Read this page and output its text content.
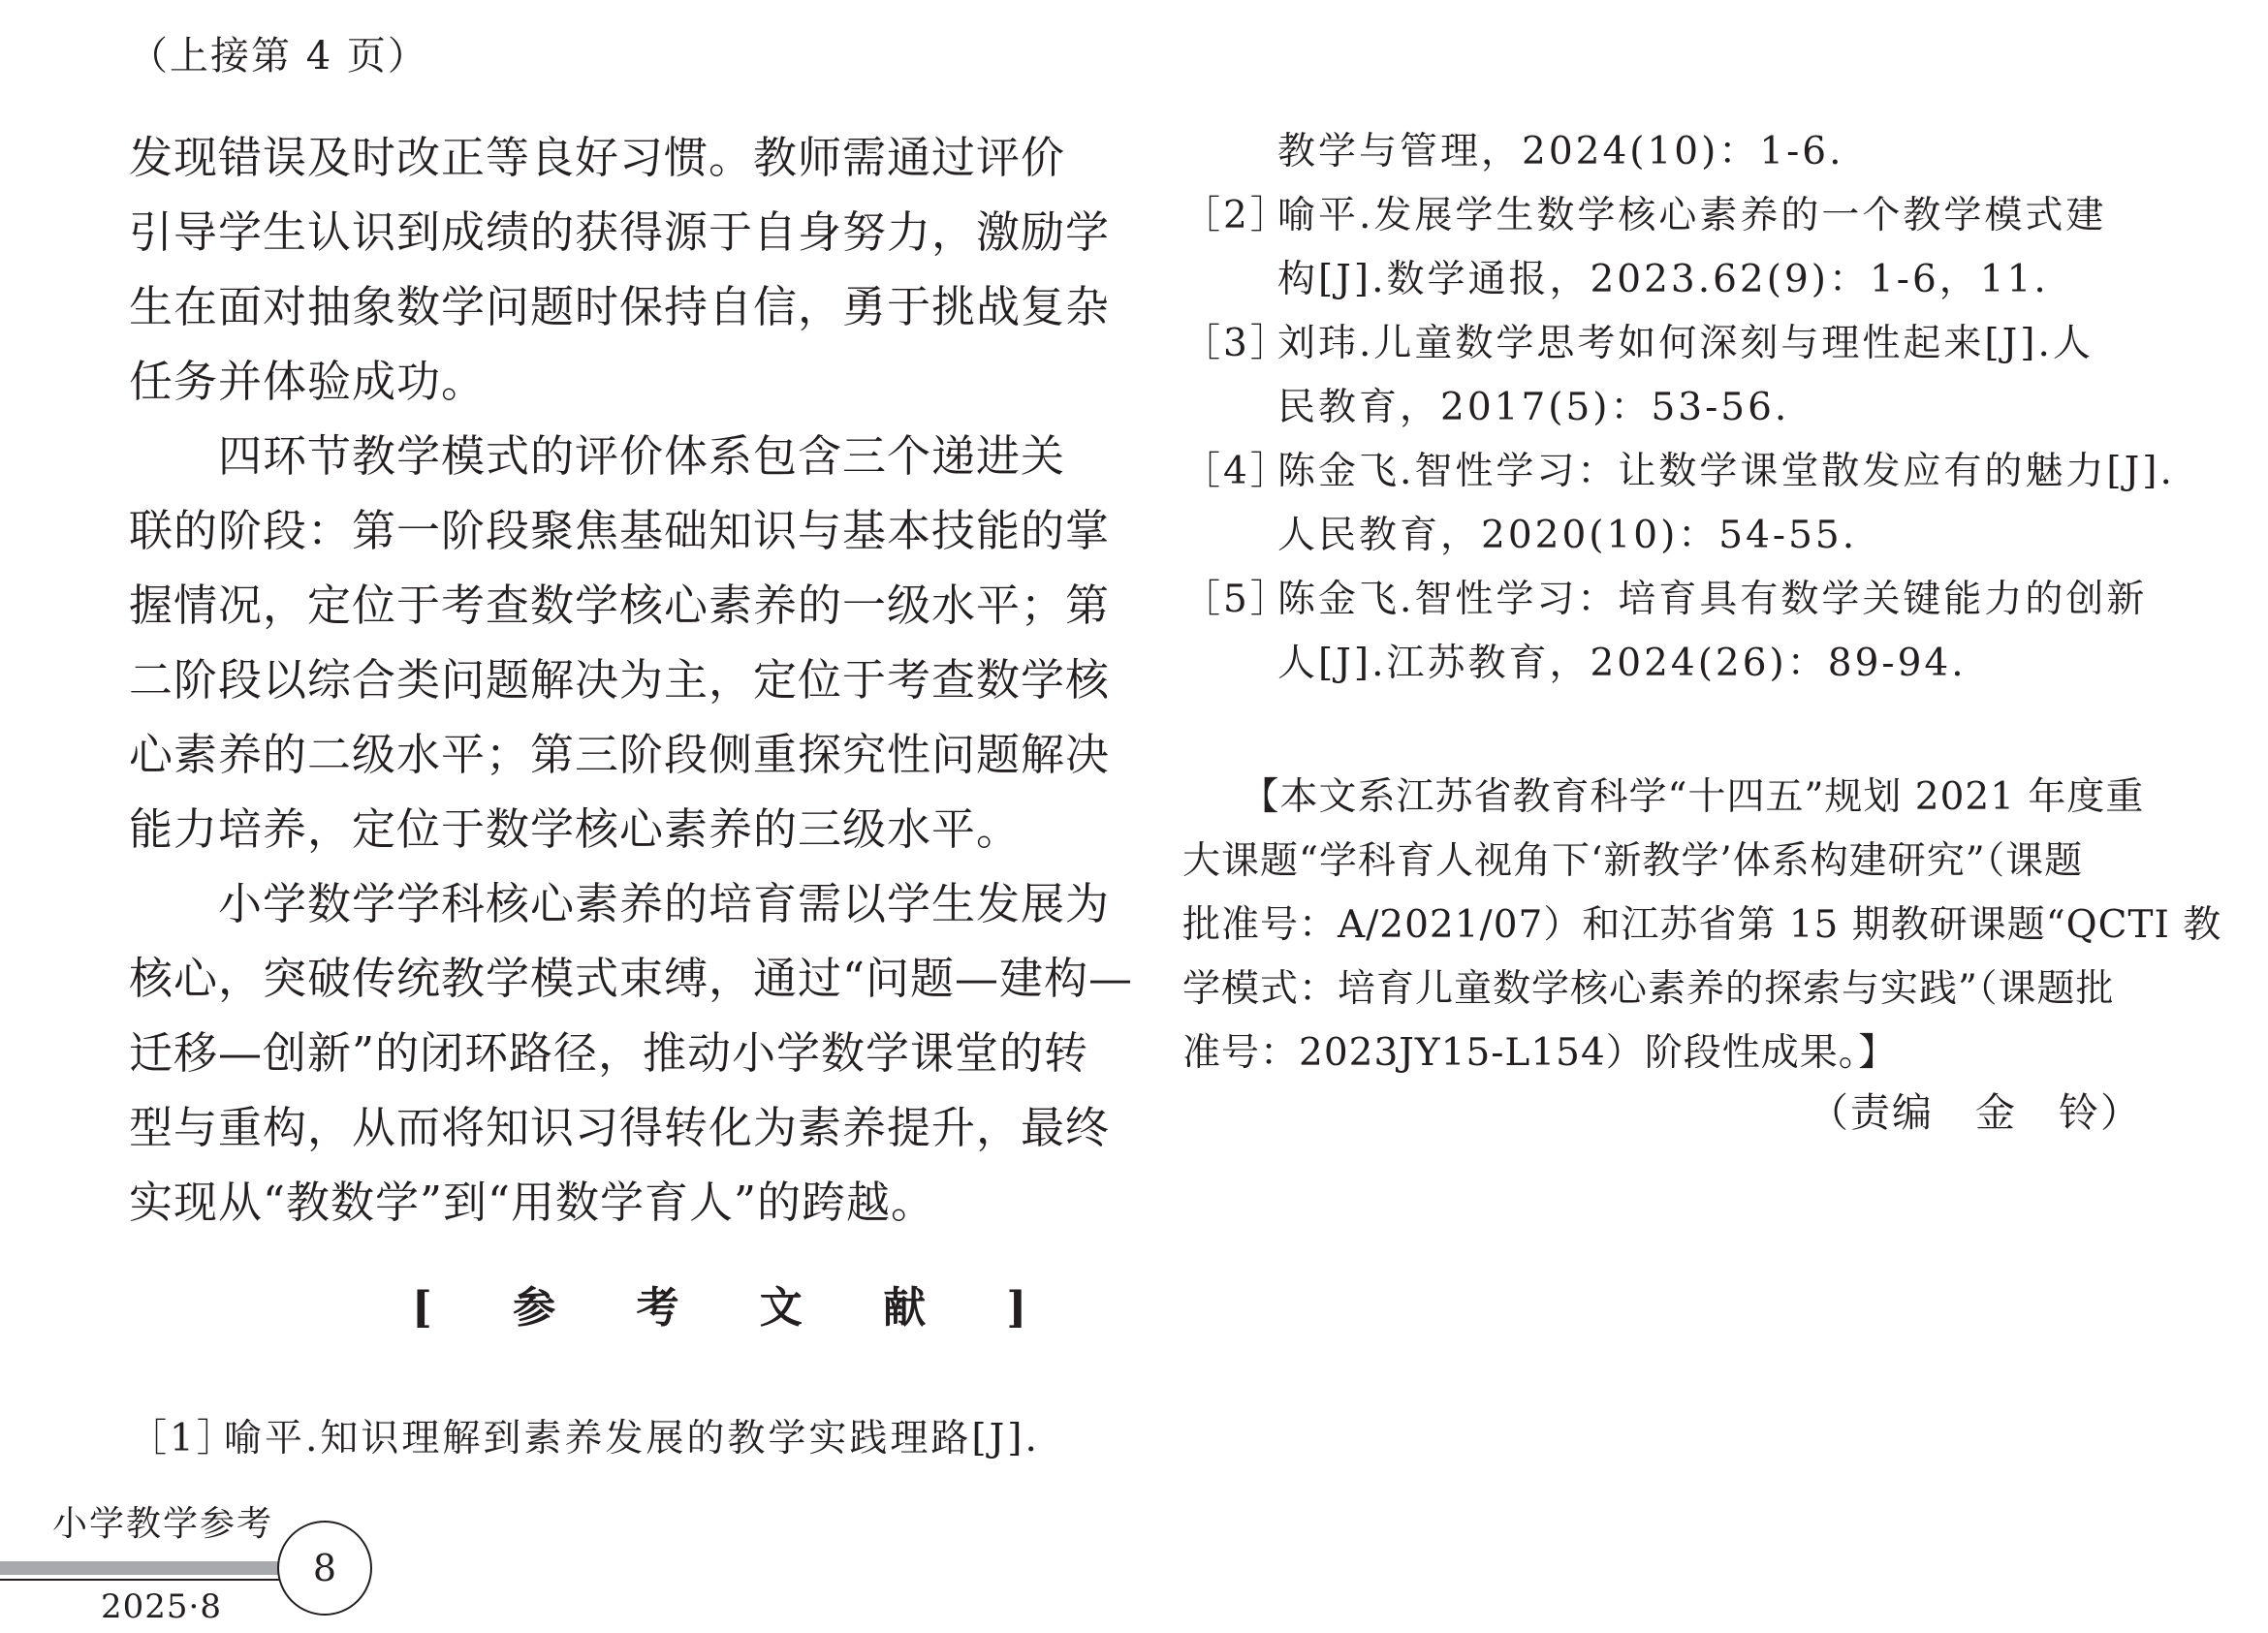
（上接第 4 页）
发现错误及时改正等良好习惯。教师需通过评价
引导学生认识到成绩的获得源于自身努力，激励学
生在面对抽象数学问题时保持自信，勇于挑战复杂
任务并体验成功。
　　四环节教学模式的评价体系包含三个递进关
联的阶段：第一阶段聚焦基础知识与基本技能的掌
握情况，定位于考查数学核心素养的一级水平；第
二阶段以综合类问题解决为主，定位于考查数学核
心素养的二级水平；第三阶段侧重探究性问题解决
能力培养，定位于数学核心素养的三级水平。
　　小学数学学科核心素养的培育需以学生发展为
核心，突破传统教学模式束缚，通过“问题—建构—
迁移—创新”的闭环路径，推动小学数学课堂的转
型与重构，从而将知识习得转化为素养提升，最终
实现从“教数学”到“用数学育人”的跨越。
[ 参 考 文 献 ]
［1］
喻平.知识理解到素养发展的教学实践理路[J].
教学与管理，2024(10)：1-6.
［2］
喻平.发展学生数学核心素养的一个教学模式建
构[J].数学通报，2023.62(9)：1-6，11.
［3］
刘玮.儿童数学思考如何深刻与理性起来[J].人
民教育，2017(5)：53-56.
［4］
陈金飞.智性学习：让数学课堂散发应有的魅力[J].
人民教育，2020(10)：54-55.
［5］
陈金飞.智性学习：培育具有数学关键能力的创新
人[J].江苏教育，2024(26)：89-94.
　　【本文系江苏省教育科学“十四五”规划 2021 年度重
大课题“学科育人视角下‘新教学’体系构建研究”（课题
批准号：A/2021/07）和江苏省第 15 期教研课题“QCTI 教
学模式：培育儿童数学核心素养的探索与实践”（课题批
准号：2023JY15-L154）阶段性成果。】
（责编　金　铃）
小学教学参考
2025·8
8
